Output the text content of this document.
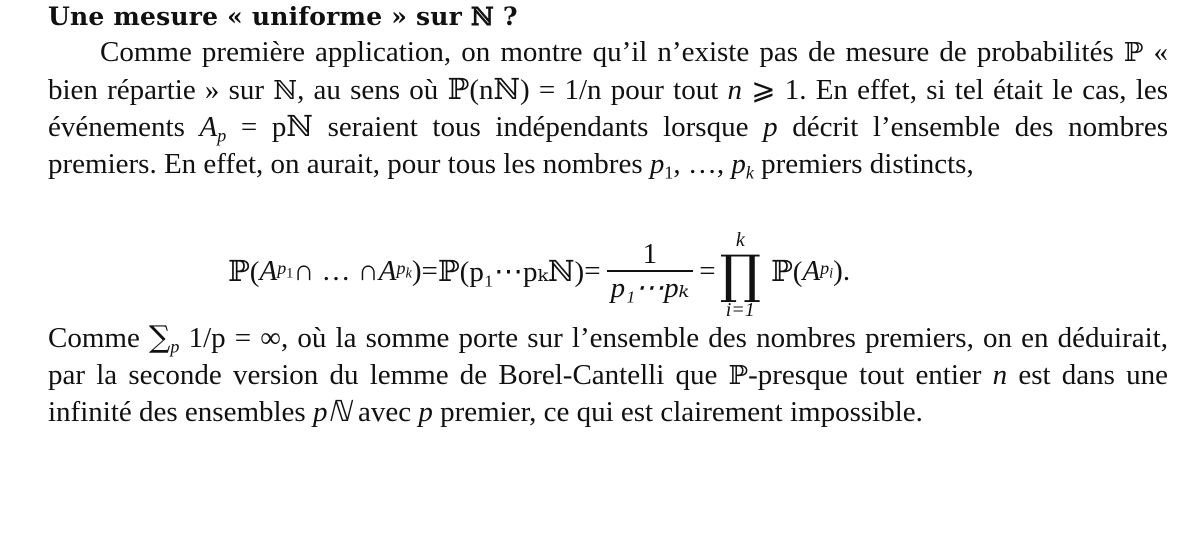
Une mesure « uniforme » sur ℕ ?

Comme première application, on montre qu’il n’existe pas de mesure de probabilités ℙ « bien répartie » sur ℕ, au sens où ℙ(nℕ) = 1/n pour tout n ⩾ 1. En effet, si tel était le cas, les événements $A_p$ = pℕ seraient tous indépendants lorsque p décrit l’ensemble des nombres premiers. En effet, on aurait, pour tous les nombres $p_1$, …, $p_k$ premiers distincts,

ℙ( A $p_1$ ∩ … ∩ A $p_k$ ) = ℙ(p₁⋯pₖℕ) = $\frac{1}{\text{p₁⋯pₖ}}$ =
k
∏
i=1
ℙ( A $p_i$ ).

Comme $\sum_p$ 1/p = ∞, où la somme porte sur l’ensemble des nombres premiers, on en déduirait, par la seconde version du lemme de Borel-Cantelli que ℙ-presque tout entier n est dans une infinité des ensembles pℕ avec p premier, ce qui est clairement impossible.
